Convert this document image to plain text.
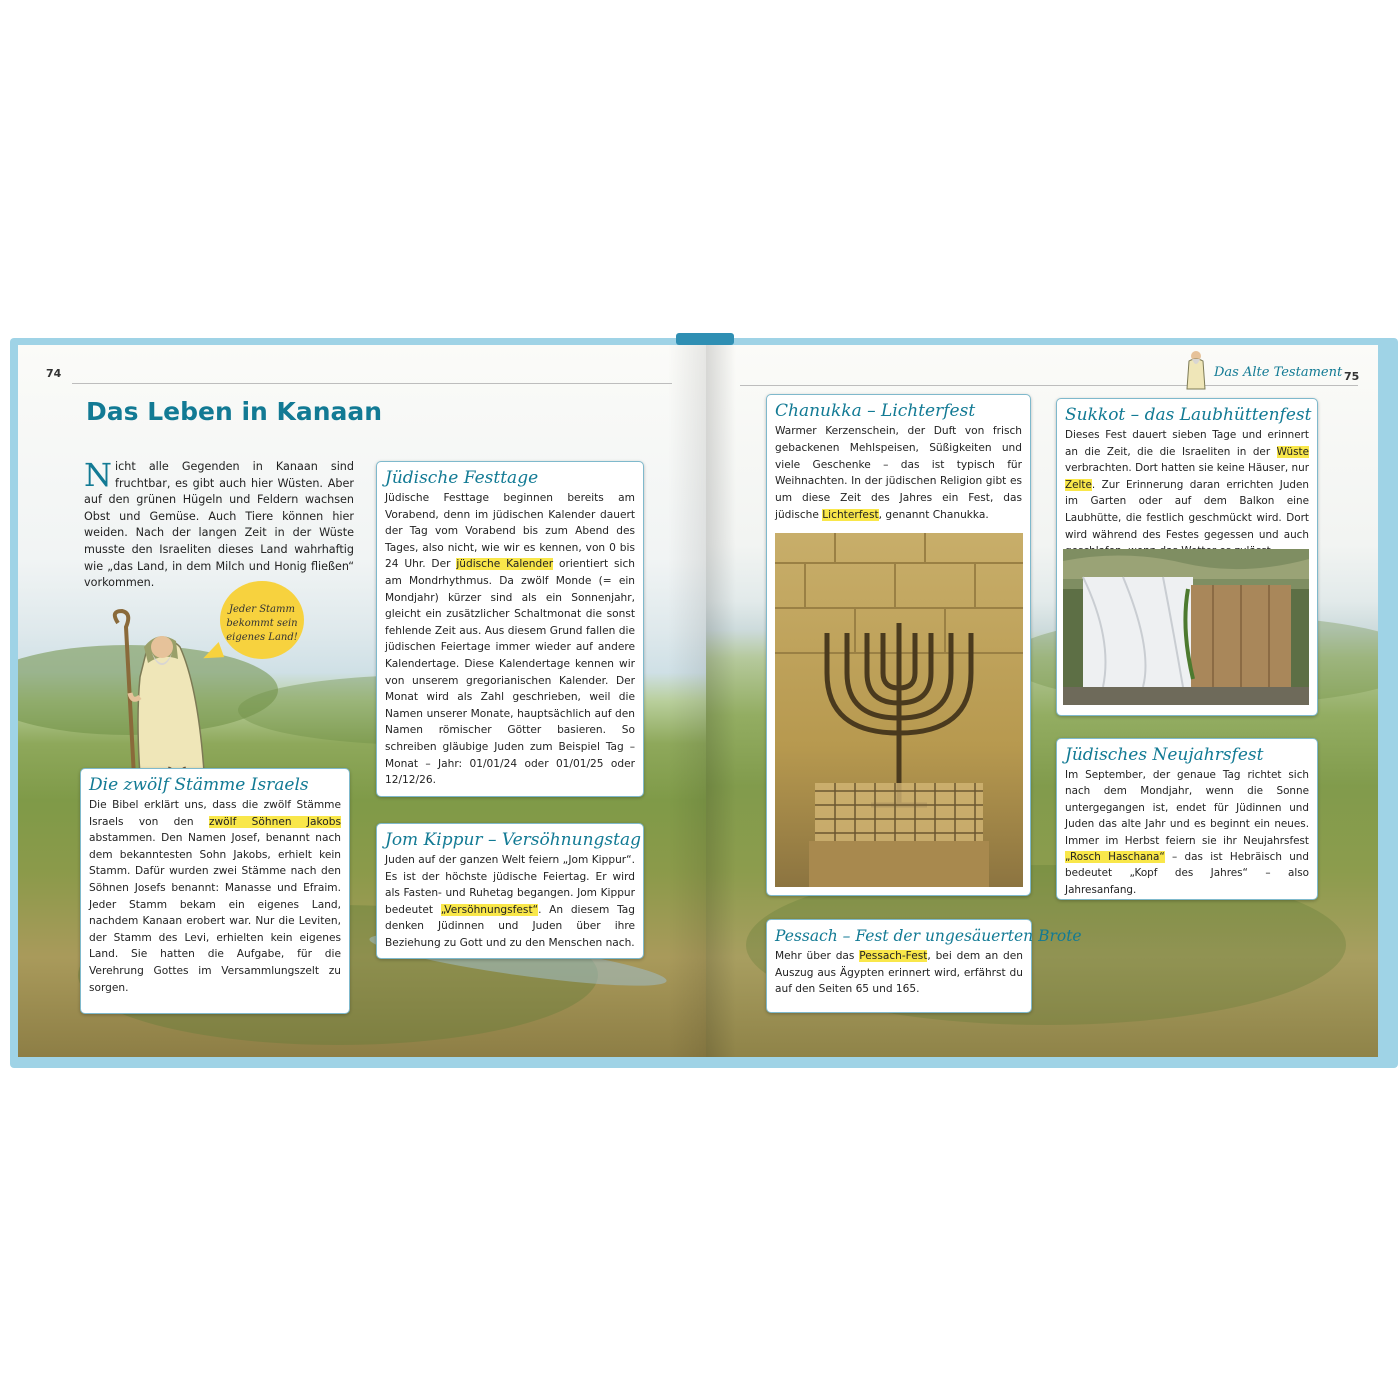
74
Das Leben in Kanaan
Nicht alle Gegenden in Kanaan sind fruchtbar, es gibt auch hier Wüsten. Aber auf den grünen Hügeln und Feldern wachsen Obst und Gemüse. Auch Tiere können hier weiden. Nach der langen Zeit in der Wüste musste den Israeliten dieses Land wahrhaftig wie „das Land, in dem Milch und Honig fließen“ vorkommen.
Jeder Stamm bekommt sein eigenes Land!
Die zwölf Stämme Israels
Die Bibel erklärt uns, dass die zwölf Stämme Israels von den zwölf Söhnen Jakobs abstammen. Den Namen Josef, benannt nach dem bekanntesten Sohn Jakobs, erhielt kein Stamm. Dafür wurden zwei Stämme nach den Söhnen Josefs benannt: Manasse und Efraim. Jeder Stamm bekam ein eigenes Land, nachdem Kanaan erobert war. Nur die Leviten, der Stamm des Levi, erhielten kein eigenes Land. Sie hatten die Aufgabe, für die Verehrung Gottes im Versammlungszelt zu sorgen.
Jüdische Festtage
Jüdische Festtage beginnen bereits am Vorabend, denn im jüdischen Kalender dauert der Tag vom Vorabend bis zum Abend des Tages, also nicht, wie wir es kennen, von 0 bis 24 Uhr. Der jüdische Kalender orientiert sich am Mondrhythmus. Da zwölf Monde (= ein Mondjahr) kürzer sind als ein Sonnenjahr, gleicht ein zusätzlicher Schaltmonat die sonst fehlende Zeit aus. Aus diesem Grund fallen die jüdischen Feiertage immer wieder auf andere Kalendertage. Diese Kalendertage kennen wir von unserem gregorianischen Kalender. Der Monat wird als Zahl geschrieben, weil die Namen unserer Monate, hauptsächlich auf den Namen römischer Götter basieren. So schreiben gläubige Juden zum Beispiel Tag – Monat – Jahr: 01/01/24 oder 01/01/25 oder 12/12/26.
Jom Kippur – Versöhnungstag
Juden auf der ganzen Welt feiern „Jom Kippur“. Es ist der höchste jüdische Feiertag. Er wird als Fasten- und Ruhetag begangen. Jom Kippur bedeutet „Versöhnungsfest“. An diesem Tag denken Jüdinnen und Juden über ihre Beziehung zu Gott und zu den Menschen nach.
Das Alte Testament 75
Chanukka – Lichterfest
Warmer Kerzenschein, der Duft von frisch gebackenen Mehlspeisen, Süßigkeiten und viele Geschenke – das ist typisch für Weihnachten. In der jüdischen Religion gibt es um diese Zeit des Jahres ein Fest, das jüdische Lichterfest, genannt Chanukka.
Sukkot – das Laubhüttenfest
Dieses Fest dauert sieben Tage und erinnert an die Zeit, die die Israeliten in der Wüste verbrachten. Dort hatten sie keine Häuser, nur Zelte. Zur Erinnerung daran errichten Juden im Garten oder auf dem Balkon eine Laubhütte, die festlich geschmückt wird. Dort wird während des Festes gegessen und auch
Jüdisches Neujahrsfest
Im September, der genaue Tag richtet sich nach dem Mondjahr, wenn die Sonne untergegangen ist, endet für Jüdinnen und Juden das alte Jahr und es beginnt ein neues. Immer im Herbst feiern sie ihr Neujahrsfest „Rosch Haschana“ – das ist Hebräisch und bedeutet „Kopf des Jahres“ – also Jahresanfang.
Pessach – Fest der ungesäuerten Brote
Mehr über das Pessach-Fest, bei dem an den Auszug aus Ägypten erinnert wird, erfährst du auf den Seiten 65 und 165.
